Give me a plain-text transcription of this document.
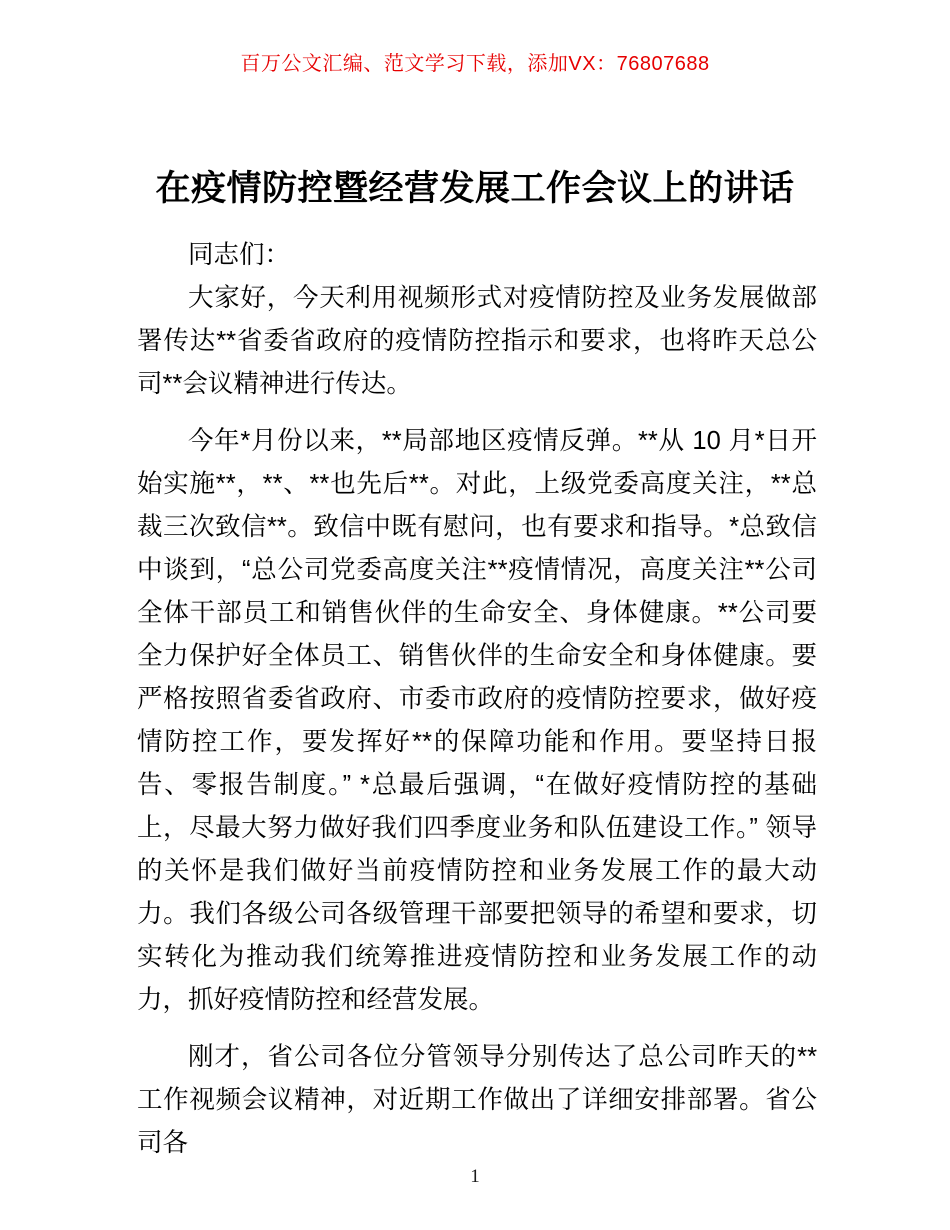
百万公文汇编、范文学习下载，添加VX：76807688
在疫情防控暨经营发展工作会议上的讲话

同志们：

大家好，今天利用视频形式对疫情防控及业务发展做部署传达**省委省政府的疫情防控指示和要求，也将昨天总公司**会议精神进行传达。

今年*月份以来，**局部地区疫情反弹。**从 10 月*日开始实施**，**、**也先后**。对此，上级党委高度关注，**总裁三次致信**。致信中既有慰问，也有要求和指导。*总致信中谈到，“总公司党委高度关注**疫情情况，高度关注**公司全体干部员工和销售伙伴的生命安全、身体健康。**公司要全力保护好全体员工、销售伙伴的生命安全和身体健康。要严格按照省委省政府、市委市政府的疫情防控要求，做好疫情防控工作，要发挥好**的保障功能和作用。要坚持日报告、零报告制度。” *总最后强调，“在做好疫情防控的基础上，尽最大努力做好我们四季度业务和队伍建设工作。” 领导的关怀是我们做好当前疫情防控和业务发展工作的最大动力。我们各级公司各级管理干部要把领导的希望和要求，切实转化为推动我们统筹推进疫情防控和业务发展工作的动力，抓好疫情防控和经营发展。

刚才，省公司各位分管领导分别传达了总公司昨天的**工作视频会议精神，对近期工作做出了详细安排部署。省公司各

1
